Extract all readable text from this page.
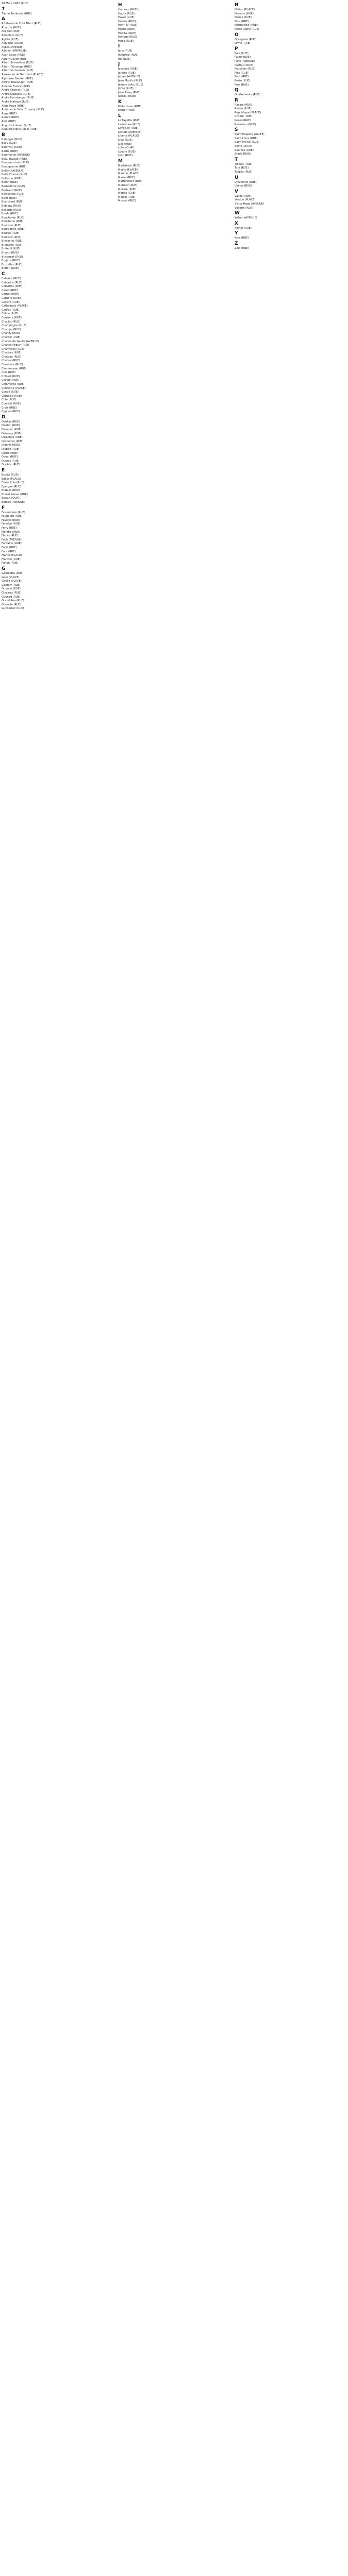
18 Mars 1962 (RUE)
7
7ième Territorial (RUE)
A
A Hiberni de l'Ubi Alfert (RUE)
Abattoir (RUE)
Acacias (RUE)
Adolphins (RUE)
Agilité (RUE)
Aiguillon (QUAI)
Aigles (AVENUE)
Albinoni (IMPASSE)
Alain Colas (RUE)
Albert Olivier (RUE)
Albert Schweitzer (RUE)
Albert Talmadge (RUE)
Albert Vermeulen (RUE)
Alexandre de Bertrand (PLACE)
Alphonse Daudet (RUE)
Amiral Boulanger (RUE)
Anatole France (RUE)
Andre Chénier (RUE)
André Dewaele (RUE)
Andre Hansberger (RUE)
André Malraux (RUE)
Ange Haye (RUE)
Antoine de Saint Exupéry (RUE)
Auge (RUE)
Aurore (RUE)
Avril (RUE)
Auguste Loheac (RUE)
Auguste Marie Rollin (RUE)
B
Balanger (RUE)
Bally (RUE)
Banmyuj (RUE)
Barbe (RUE)
Bauméduit (AVENUE)
Beau Rivage (RUE)
Beaumarchais (RUE)
Beauquesne (RUE)
Belfort (AVENUE)
Belle Chasse (RUE)
Bellevue (RUE)
Berlin (RUE)
Bernadotte (RUE)
Bertrand (RUE)
Bienvenue (RUE)
Bizet (RUE)
Blanchard (RUE)
Bobigny (RUE)
Bollarde (RUE)
Borde (RUE)
Bouchardy (RUE)
Boucherie (RUE)
Bourbon (RUE)
Bourgogne (RUE)
Bourse (RUE)
Boutaric (RUE)
Brasserie (RUE)
Bretagne (RUE)
Bréteuil (RUE)
Briand (RUE)
Briçonnet (RUE)
Brigitte (RUE)
Bruxelles (RUE)
Buffon (RUE)
C
Calvaire (RUE)
Calvados (RUE)
Camélias (RUE)
Canet (RUE)
Carnot (RUE)
Carrière (RUE)
Cassini (RUE)
Cathédrale (PLACE)
Cèdres (RUE)
Céline (RUE)
Cerisiers (RUE)
Chaillot (RUE)
Champagne (RUE)
Champs (RUE)
Chanzy (RUE)
Charcot (RUE)
Charles de Gaulle (AVENUE)
Charles Péguy (RUE)
Charmilles (RUE)
Chartres (RUE)
Château (RUE)
Chênes (RUE)
Cimetière (RUE)
Clemenceau (RUE)
Clos (RUE)
Colbert (RUE)
Colline (RUE)
Commerce (RUE)
Concorde (PLACE)
Condé (RUE)
Corneille (RUE)
Côte (RUE)
Courbet (RUE)
Croix (RUE)
Cygnes (RUE)
D
Dahlias (RUE)
Danton (RUE)
Daumier (RUE)
Debussy (RUE)
Delacroix (RUE)
Descartes (RUE)
Diderot (RUE)
Dieppe (RUE)
Dôme (RUE)
Douai (RUE)
Dumas (RUE)
Dupleix (RUE)
E
Écoles (RUE)
Église (PLACE)
Émile Zola (RUE)
Épargne (RUE)
Érables (RUE)
Ernest Renan (RUE)
Escaut (QUAI)
Europe (AVENUE)
F
Faisanderie (RUE)
Faubourg (RUE)
Fayette (RUE)
Fénelon (RUE)
Ferry (RUE)
Flandre (RUE)
Fleurs (RUE)
Foch (AVENUE)
Fontaine (RUE)
Forêt (RUE)
Four (RUE)
France (PLACE)
Franklin (RUE)
Fulton (RUE)
G
Gambetta (RUE)
Gare (PLACE)
Gaulle (PLACE)
Gentilly (RUE)
Gironde (RUE)
Glycines (RUE)
Gounod (RUE)
Grand Rue (RUE)
Grenelle (RUE)
Guynemer (RUE)
H
Hameau (RUE)
Haute (RUE)
Havre (RUE)
Hélène (RUE)
Henri IV (RUE)
Hoche (RUE)
Hôpital (RUE)
Horloge (RUE)
Hugo (RUE)
I
Iéna (RUE)
Industrie (RUE)
Iris (RUE)
J
Jacobins (RUE)
Jardins (RUE)
Jaurès (AVENUE)
Jean Moulin (RUE)
Jeanne d'Arc (RUE)
Joffre (RUE)
Jules Ferry (RUE)
Jussieu (RUE)
K
Kellermann (RUE)
Kléber (RUE)
L
La Fayette (RUE)
Lamartine (RUE)
Lavoisier (RUE)
Leclerc (AVENUE)
Liberté (PLACE)
Lilas (RUE)
Lille (RUE)
Loire (QUAI)
Louvre (RUE)
Lyon (RUE)
M
Madeleine (RUE)
Mairie (PLACE)
Marché (PLACE)
Marne (RUE)
Marronniers (RUE)
Mermoz (RUE)
Molière (RUE)
Monge (RUE)
Moulin (RUE)
Musset (RUE)
N
Nation (PLACE)
Navarre (RUE)
Neuve (RUE)
Nice (RUE)
Normandie (RUE)
Notre Dame (RUE)
O
Orangerie (RUE)
Orme (RUE)
P
Paix (RUE)
Palais (RUE)
Paris (AVENUE)
Pasteur (RUE)
Peupliers (RUE)
Pins (RUE)
Pont (RUE)
Poste (RUE)
Prés (RUE)
Q
Quatre Vents (RUE)
R
Racine (RUE)
Renan (RUE)
République (PLACE)
Rivière (RUE)
Roses (RUE)
Rousseau (RUE)
S
Saint Exupéry (ALLÉE)
Saint Louis (RUE)
Saint Michel (RUE)
Seine (QUAI)
Sources (RUE)
Stade (RUE)
T
Tilleuls (RUE)
Tour (RUE)
Tulipes (RUE)
U
Université (RUE)
Usines (RUE)
V
Vallée (RUE)
Verdun (PLACE)
Victor Hugo (AVENUE)
Voltaire (RUE)
W
Wilson (AVENUE)
X
Xavier (RUE)
Y
Yser (RUE)
Z
Zola (RUE)
